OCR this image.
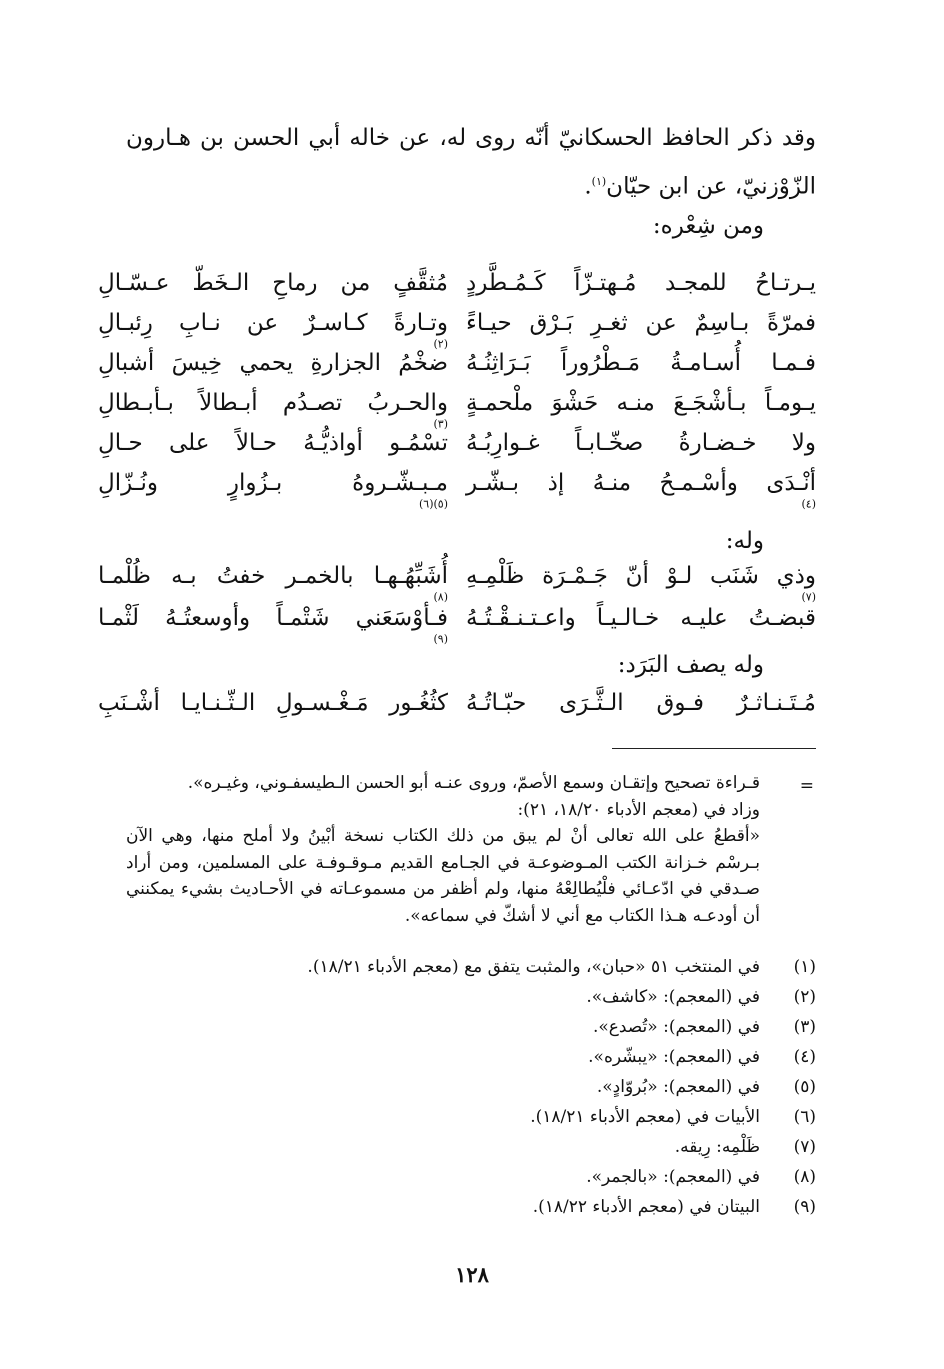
وقد ذكر الحافظ الحسكانيّ أنّه روى له، عن خاله أبي الحسن بن هـارون
الزّوْزنيّ، عن ابن حيّان$^{(١)}$.
ومن شِعْره:
يـرتـاحُ للمجـد مُـهتـزّاً كَـمُـطَّردٍ
مُثقَّفٍ من رماحِ الـخَطّ عـسّـالِ
فمرّةً بـاسِمٌ عن ثغـرِ بَـرْق حيـاءً
وتـارةً كـاسـرٌ عن نـابِ رِئبـالِ
$^{(٢)}$
فـمـا أُسـامـةُ مَـطْرُوراً بَـرَاثِنُـهُ
ضخْمُ الجزارةِ يحمي خِيسَ أشبالِ
يـومـاً بـأشْجَـعَ منـه حَشْوَ ملْحمـةٍ
والحـربُ تصـدُم أبـطالاً بـأبـطالِ
$^{(٣)}$
ولا خـضـارةُ صخّـابـاً غـوارِبُـهُ
تسْمُـو أواذيُّـهُ حـالاً على حـالِ
أنْـدَى وأسْـمـحُ منـهُ إذ بـشّـر
$^{(٤)}$
مـبـشّـروهُ بـزُوارٍ ونُـزّالِ
$^{(٥)(٦)}$
وله:
وذي شَنَب لـوْ أنّ جَـمْـرَة ظَلْمِـهِ
$^{(٧)}$
أُشَبِّهُـهـا بالخمـر خفتُ بـه ظُلْمـا
$^{(٨)}$
قبضـتُ عليـه خـالـيـاً واعـتـنـقْـتُـهُ
فـأوْسَعَني شَتْمـاً وأوسعتُـهُ لَثْمـا
$^{(٩)}$
وله يصف البَرَد:
مُـتَـنـاثـرٌ فـوق الـثَّـرَى حبّـاتُـهُ
كثُغُـور مَـغْـسـولِ الـثّـنـايـا أشْـنَبِ
=

قـراءة تصحيح وإتقـان وسمع الأصمّ، وروى عنـه أبو الحسن الـطيسفـوني، وغيـره».

وزاد في (معجم الأدباء ١٨/٢٠، ٢١):

«أقطعُ على الله تعالى أنْ لم يبق من ذلك الكتاب نسخة أبْينُ ولا أملح منها، وهي الآن بـرسْم خـزانة الكتب المـوضوعـة في الجـامع القديم مـوقـوفـة على المسلمين، ومن أراد صـدقي في ادّعـائي فلْيُطالِعْهُ منها، ولم أظفر من مسموعـاته في الأحـاديث بشيء يمكنني أن أودعـه هـذا الكتاب مع أني لا أشكّ في سماعه».

(١)
في المنتخب ٥١ «حبان»، والمثبت يتفق مع (معجم الأدباء ١٨/٢١).
(٢)
في (المعجم): «كاشف».
(٣)
في (المعجم): «تُصدع».
(٤)
في (المعجم): «يبشّره».
(٥)
في (المعجم): «بُروّادٍ».
(٦)
الأبيات في (معجم الأدباء ١٨/٢١).
(٧)
ظَلْمِه: رِيقه.
(٨)
في (المعجم): «بالجمر».
(٩)
البيتان في (معجم الأدباء ١٨/٢٢).
١٢٨
